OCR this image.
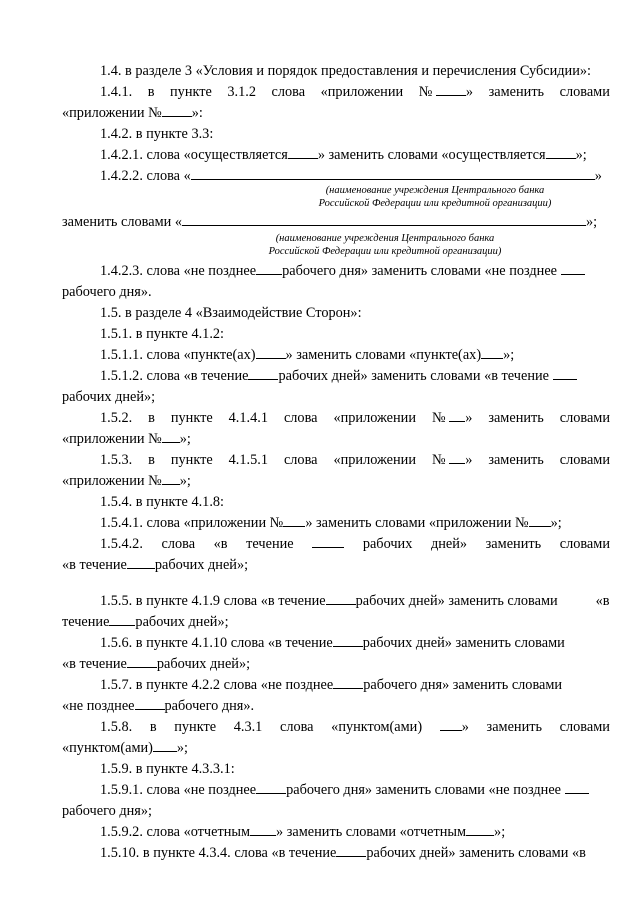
1.4. в разделе 3 «Условия и порядок предоставления и перечисления Субсидии»:
1.4.1. в пункте 3.1.2 слова «приложении № » заменить словами
«приложении № »:
1.4.2. в пункте 3.3:
1.4.2.1. слова «осуществляется » заменить словами «осуществляется »;
1.4.2.2. слова «	»
(наименование учреждения Центрального банка
Российской Федерации или кредитной организации)
заменить словами «	»;
(наименование учреждения Центрального банка
Российской Федерации или кредитной организации)
1.4.2.3. слова «не позднее рабочего дня» заменить словами «не позднее
рабочего дня».
1.5. в разделе 4 «Взаимодействие Сторон»:
1.5.1. в пункте 4.1.2:
1.5.1.1. слова «пункте(ах) » заменить словами «пункте(ах) »;
1.5.1.2. слова «в течение рабочих дней» заменить словами «в течение
рабочих дней»;
1.5.2. в пункте 4.1.4.1 слова «приложении № » заменить словами
«приложении № »;
1.5.3. в пункте 4.1.5.1 слова «приложении № » заменить словами
«приложении № »;
1.5.4. в пункте 4.1.8:
1.5.4.1. слова «приложении № » заменить словами «приложении № »;
1.5.4.2. слова «в течение	рабочих дней» заменить словами
«в течение рабочих дней»;
1.5.5. в пункте 4.1.9 слова «в течение рабочих дней» заменить словами	«в
течение рабочих дней»;
1.5.6. в пункте 4.1.10 слова «в течение рабочих дней» заменить словами
«в течение рабочих дней»;
1.5.7. в пункте 4.2.2 слова «не позднее рабочего дня» заменить словами
«не позднее рабочего дня».
1.5.8. в пункте 4.3.1 слова «пунктом(ами)	» заменить словами
«пунктом(ами) »;
1.5.9. в пункте 4.3.3.1:
1.5.9.1. слова «не позднее рабочего дня» заменить словами «не позднее
рабочего дня»;
1.5.9.2. слова «отчетным » заменить словами «отчетным »;
1.5.10. в пункте 4.3.4. слова «в течение рабочих дней» заменить словами «в
